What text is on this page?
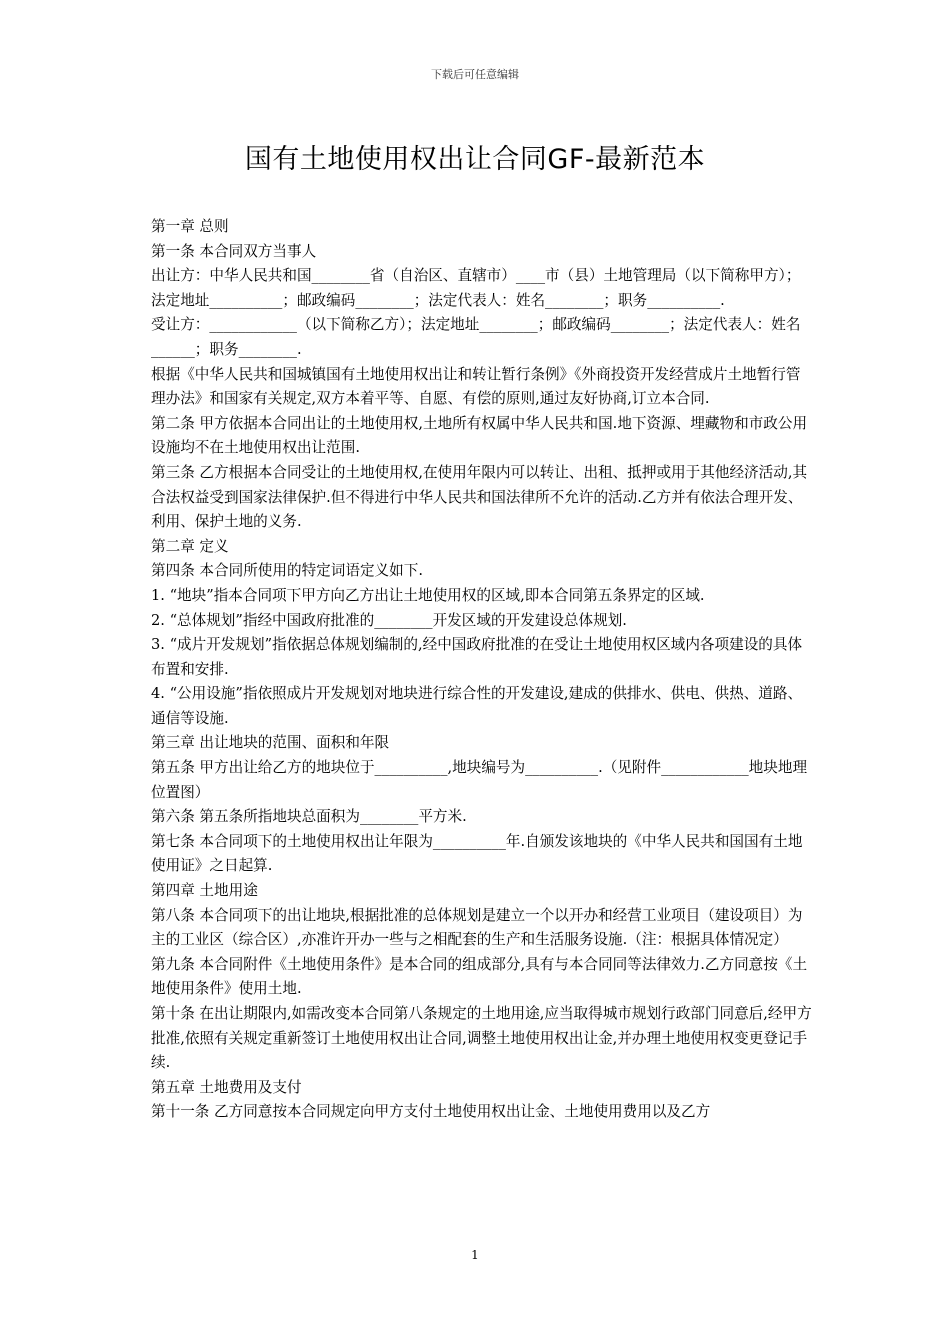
下载后可任意编辑
国有土地使用权出让合同GF-最新范本

第一章 总则

第一条 本合同双方当事人

出让方：中华人民共和国________省（自治区、直辖市）____市（县）土地管理局（以下简称甲方）；法定地址__________；邮政编码________；法定代表人：姓名________；职务__________.

受让方：____________（以下简称乙方）；法定地址________；邮政编码________；法定代表人：姓名______；职务________.

根据《中华人民共和国城镇国有土地使用权出让和转让暂行条例》《外商投资开发经营成片土地暂行管理办法》和国家有关规定,双方本着平等、自愿、有偿的原则,通过友好协商,订立本合同.

第二条 甲方依据本合同出让的土地使用权,土地所有权属中华人民共和国.地下资源、埋藏物和市政公用设施均不在土地使用权出让范围.

第三条 乙方根据本合同受让的土地使用权,在使用年限内可以转让、出租、抵押或用于其他经济活动,其合法权益受到国家法律保护.但不得进行中华人民共和国法律所不允许的活动.乙方并有依法合理开发、利用、保护土地的义务.

第二章 定义

第四条 本合同所使用的特定词语定义如下.

1. “地块”指本合同项下甲方向乙方出让土地使用权的区域,即本合同第五条界定的区域.

2. “总体规划”指经中国政府批准的________开发区域的开发建设总体规划.

3. “成片开发规划”指依据总体规划编制的,经中国政府批准的在受让土地使用权区域内各项建设的具体布置和安排.

4. “公用设施”指依照成片开发规划对地块进行综合性的开发建设,建成的供排水、供电、供热、道路、通信等设施.

第三章 出让地块的范围、面积和年限

第五条 甲方出让给乙方的地块位于__________,地块编号为__________.（见附件____________地块地理位置图）

第六条 第五条所指地块总面积为________平方米.

第七条 本合同项下的土地使用权出让年限为__________年.自颁发该地块的《中华人民共和国国有土地使用证》之日起算.

第四章 土地用途

第八条 本合同项下的出让地块,根据批准的总体规划是建立一个以开办和经营工业项目（建设项目）为主的工业区（综合区）,亦准许开办一些与之相配套的生产和生活服务设施.（注：根据具体情况定）

第九条 本合同附件《土地使用条件》是本合同的组成部分,具有与本合同同等法律效力.乙方同意按《土地使用条件》使用土地.

第十条 在出让期限内,如需改变本合同第八条规定的土地用途,应当取得城市规划行政部门同意后,经甲方批准,依照有关规定重新签订土地使用权出让合同,调整土地使用权出让金,并办理土地使用权变更登记手续.

第五章 土地费用及支付

第十一条 乙方同意按本合同规定向甲方支付土地使用权出让金、土地使用费用以及乙方

1
